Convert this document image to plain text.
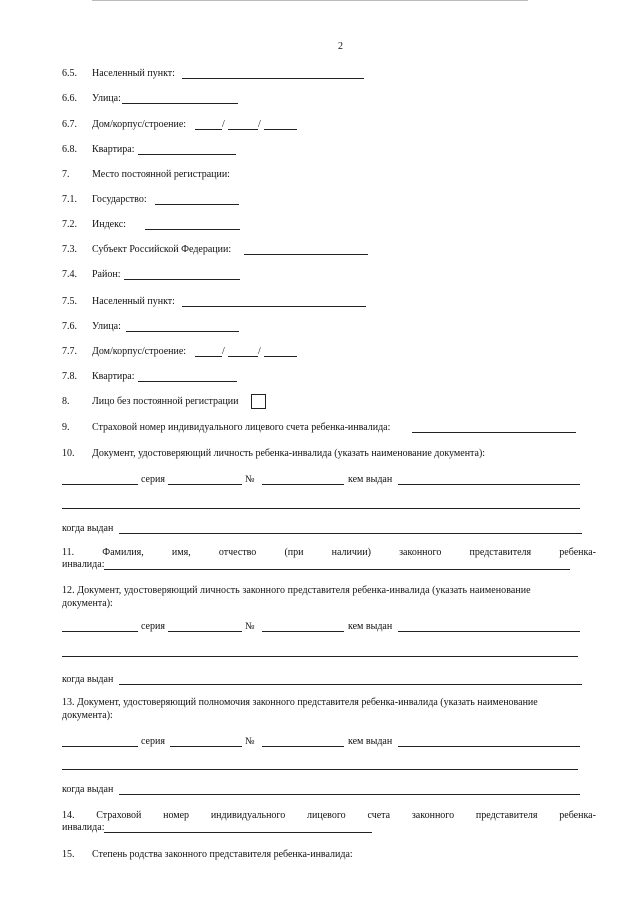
2
6.5. Населенный пункт:
6.6. Улица:
6.7. Дом/корпус/строение:	/	/
6.8. Квартира:
7. Место постоянной регистрации:
7.1. Государство:
7.2. Индекс:
7.3. Субъект Российской Федерации:
7.4. Район:
7.5. Населенный пункт:
7.6. Улица:
7.7. Дом/корпус/строение:	/	/
7.8. Квартира:
8. Лицо без постоянной регистрации
9. Страховой номер индивидуального лицевого счета ребенка-инвалида:
10. Документ, удостоверяющий личность ребенка-инвалида (указать наименование документа):
серия	№	кем выдан
когда выдан
11.	Фамилия,	имя,	отчество	(при	наличии)	законного	представителя	ребенка-
инвалида:
12. Документ, удостоверяющий личность законного представителя ребенка-инвалида (указать наименование
документа):
серия	№	кем выдан
когда выдан
13. Документ, удостоверяющий полномочия законного представителя ребенка-инвалида (указать наименование
документа):
серия	№	кем выдан
когда выдан
14. Страховой номер индивидуального лицевого счета законного представителя ребенка-
инвалида:
15. Степень родства законного представителя ребенка-инвалида:
